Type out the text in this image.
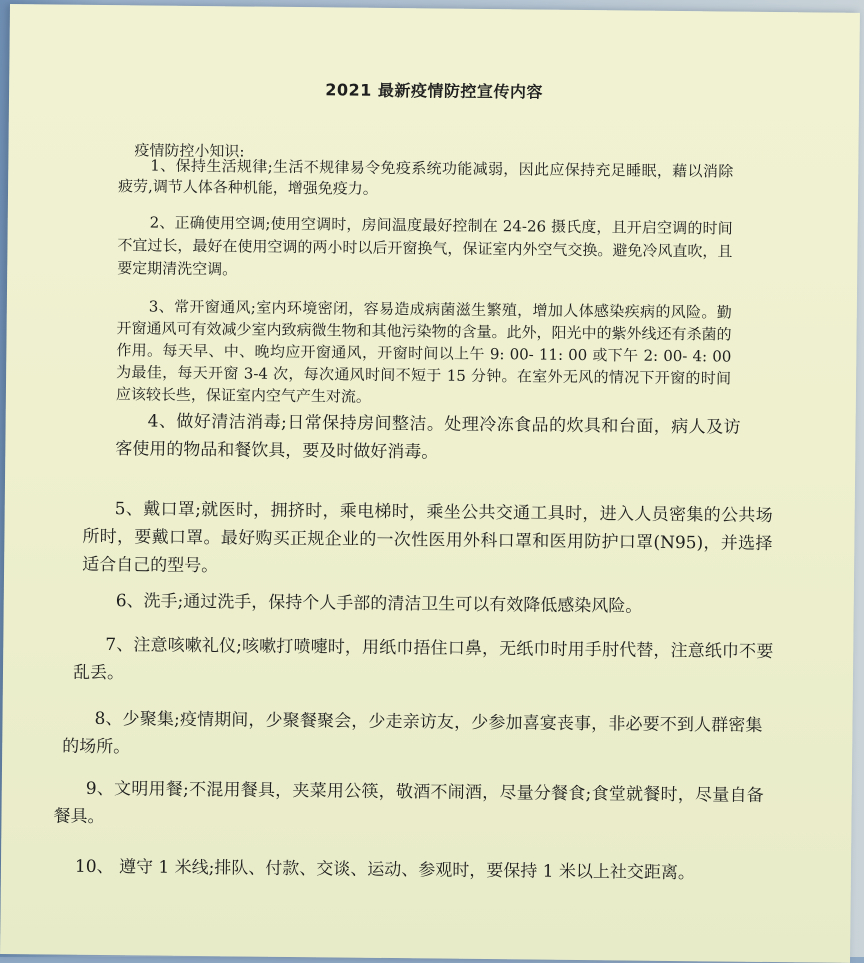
2021 最新疫情防控宣传内容
疫情防控小知识:

1、保持生活规律;生活不规律易令免疫系统功能减弱，因此应保持充足睡眠，藉以消除疲劳,调节人体各种机能，增强免疫力。

2、正确使用空调;使用空调时，房间温度最好控制在 24-26 摄氏度，且开启空调的时间不宜过长，最好在使用空调的两小时以后开窗换气，保证室内外空气交换。避免冷风直吹，且要定期清洗空调。

3、常开窗通风;室内环境密闭，容易造成病菌滋生繁殖，增加人体感染疾病的风险。勤开窗通风可有效减少室内致病微生物和其他污染物的含量。此外，阳光中的紫外线还有杀菌的作用。每天早、中、晚均应开窗通风，开窗时间以上午 9: 00- 11: 00 或下午 2: 00- 4: 00 为最佳，每天开窗 3-4 次，每次通风时间不短于 15 分钟。在室外无风的情况下开窗的时间应该较长些，保证室内空气产生对流。

4、做好清洁消毒;日常保持房间整洁。处理冷冻食品的炊具和台面，病人及访客使用的物品和餐饮具，要及时做好消毒。

5、戴口罩;就医时，拥挤时，乘电梯时，乘坐公共交通工具时，进入人员密集的公共场所时，要戴口罩。最好购买正规企业的一次性医用外科口罩和医用防护口罩(N95)，并选择适合自己的型号。

6、洗手;通过洗手，保持个人手部的清洁卫生可以有效降低感染风险。

7、注意咳嗽礼仪;咳嗽打喷嚏时，用纸巾捂住口鼻，无纸巾时用手肘代替，注意纸巾不要乱丢。

8、少聚集;疫情期间，少聚餐聚会，少走亲访友，少参加喜宴丧事，非必要不到人群密集的场所。

9、文明用餐;不混用餐具，夹菜用公筷，敬酒不闹酒，尽量分餐食;食堂就餐时，尽量自备餐具。

10、 遵守 1 米线;排队、付款、交谈、运动、参观时，要保持 1 米以上社交距离。
